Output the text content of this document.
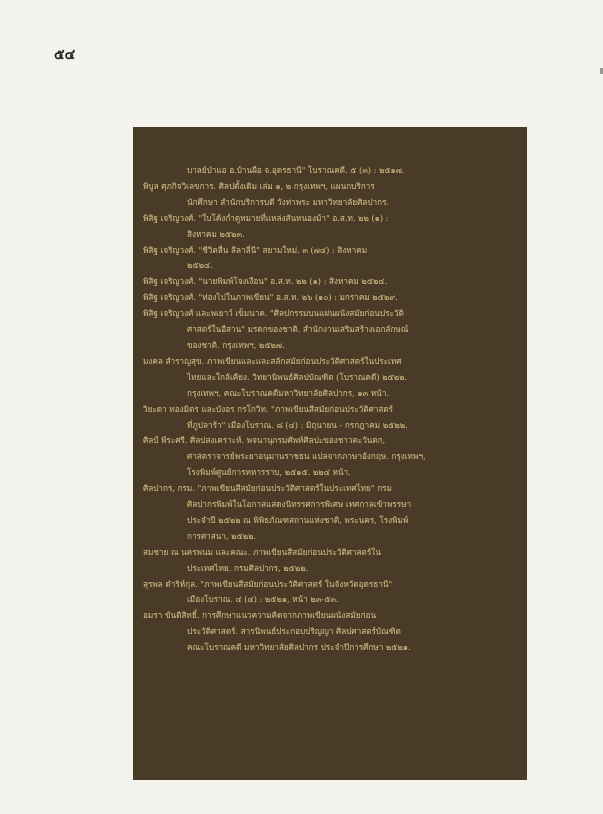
๕๔
บาลย์ป่าแอ อ.บ้านผือ จ.อุดรธานี" โบราณคดี. ๕ (๓) : ๒๕๑๗.
พิบูล ศุภกิจวิเลขการ. ศิลปดั้งเดิม เล่ม ๑, ๒ กรุงเทพฯ, แผนกบริการ
นักศึกษา สำนักบริการบดี วังท่าพระ มหาวิทยาลัยศิลปากร.
พิสิฐ เจริญวงศ์. "ใบโค้งก่ำดูหมายที่แหล่งสันหนองม้า" อ.ส.ท. ๒๒ (๑) :
สิงหาคม ๒๕๒๓.
พิสิฐ เจริญวงศ์. "ชีวิตลื่น ลีลาลี่นี" สยามใหม่. ๓ (๗๔) : สิงหาคม
๒๕๒๔.
พิสิฐ เจริญวงศ์. "นายพิมพ์โจงเงือน" อ.ส.ท. ๒๒ (๑) : สิงหาคม ๒๕๒๔.
พิสิฐ เจริญวงศ์. "ท่องไปในภาพเขียน" อ.ส.ท. ๒๖ (๑๐) : มกราคม ๒๕๒๙.
พิสิฐ เจริญวงศ์ และพเยาว์ เข็มนาค. "ศิลปกรรมบนแผ่นผนังสมัยก่อนประวัติ
ศาสตร์ในอีสาน" มรดกของชาติ. สำนักงานเสริมสร้างเอกลักษณ์
ของชาติ. กรุงเทพฯ, ๒๕๒๗.
มงคล สำราญสุข. ภาพเขียนและและสลักสมัยก่อนประวัติศาสตร์ในประเทศ
ไทยและใกล้เคียง. วิทยานิพนธ์ศิลปบัณฑิต (โบราณคดี) ๒๕๒๒.
กรุงเทพฯ, คณะโบราณคดีมหาวิทยาลัยศิลปากร, ๑๓ หน้า.
วิยะดา ทองมิตร และบังอร กรโกวิท. "ภาพเขียนสีสมัยก่อนประวัติศาสตร์
ที่ภูปลาร้า" เมืองโบราณ. ๘ (๔) : มิถุนายน - กรกฎาคม ๒๕๒๒.
ศิลป์ พีระศรี. ศิลปสงเคราะห์. พจนานุกรมศัพท์ศิลปะของชาวตะวันตก,
ศาสตราจารย์พระยาอนุมานราชธน แปลจากภาษาอังกฤษ. กรุงเทพฯ,
โรงพิมพ์ศูนย์การทหารราบ, ๒๕๑๕. ๒๒๔ หน้า.
ศิลปากร, กรม. "ภาพเขียนสีสมัยก่อนประวัติศาสตร์ในประเทศไทย" กรม
ศิลปากรพิมพ์ในโอกาสแสดงนิทรรศการพิเศษ เทศกาลเข้าพรรษา
ประจำปี ๒๕๒๒ ณ พิพิธภัณฑสถานแห่งชาติ, พระนคร, โรงพิมพ์
การศาสนา, ๒๕๒๒.
สมชาย ณ นครพนม และคณะ. ภาพเขียนสีสมัยก่อนประวัติศาสตร์ใน
ประเทศไทย. กรมศิลปากร, ๒๕๒๒.
สุรพล ดำริห์กุล. "ภาพเขียนสีสมัยก่อนประวัติศาสตร์ ในจังหวัดอุดรธานี"
เมืองโบราณ. ๔ (๔) : ๒๕๒๑, หน้า ๒๓-๕๓.
อมรา ขันติสิทธิ์. การศึกษาแนวความคิดจากภาพเขียนผนังสมัยก่อน
ประวัติศาสตร์. สารนิพนธ์ประกอบปริญญา ศิลปศาสตร์บัณฑิต
คณะโบราณคดี มหาวิทยาลัยศิลปากร ประจำปีการศึกษา ๒๕๒๑.
